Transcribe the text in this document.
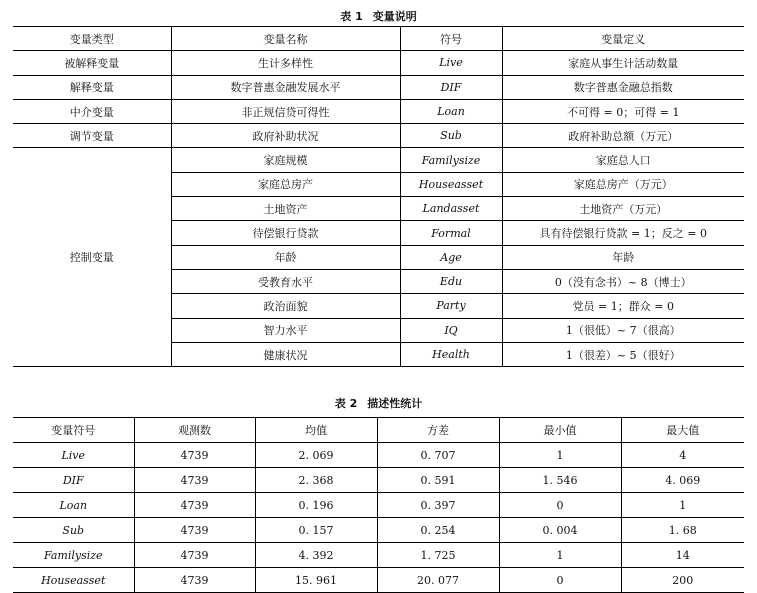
表 1 变量说明
变量类型	变量名称	符号	变量定义
被解释变量	生计多样性	Live	家庭从事生计活动数量
解释变量	数字普惠金融发展水平	DIF	数字普惠金融总指数
中介变量	非正规信贷可得性	Loan	不可得 = 0；可得 = 1
调节变量	政府补助状况	Sub	政府补助总额（万元）
控制变量	家庭规模	Familysize	家庭总人口
	家庭总房产	Houseasset	家庭总房产（万元）
	土地资产	Landasset	土地资产（万元）
	待偿银行贷款	Formal	具有待偿银行贷款 = 1；反之 = 0
	年龄	Age	年龄
	受教育水平	Edu	0（没有念书）~ 8（博士）
	政治面貌	Party	党员 = 1；群众 = 0
	智力水平	IQ	1（很低）~ 7（很高）
	健康状况	Health	1（很差）~ 5（很好）
表 2 描述性统计
变量符号	观测数	均值	方差	最小值	最大值
Live	4739	2. 069	0. 707	1	4
DIF	4739	2. 368	0. 591	1. 546	4. 069
Loan	4739	0. 196	0. 397	0	1
Sub	4739	0. 157	0. 254	0. 004	1. 68
Familysize	4739	4. 392	1. 725	1	14
Houseasset	4739	15. 961	20. 077	0	200
